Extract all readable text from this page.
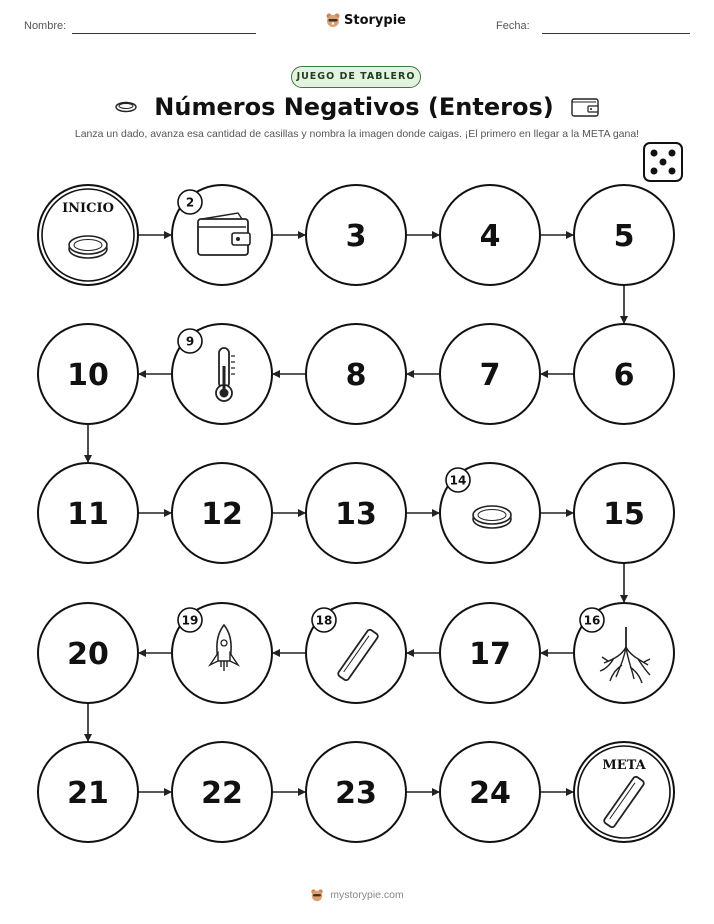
Nombre:	Storypie	Fecha:
JUEGO DE TABLERO
Números Negativos (Enteros)
Lanza un dado, avanza esa cantidad de casillas y nombra la imagen donde caigas. ¡El primero en llegar a la META gana!
INICIO	2
3	4	5
6
7
8
9
10
11	12	13
14
15
16
17
18
19
20
21	22	23	24
META
mystorypie.com
